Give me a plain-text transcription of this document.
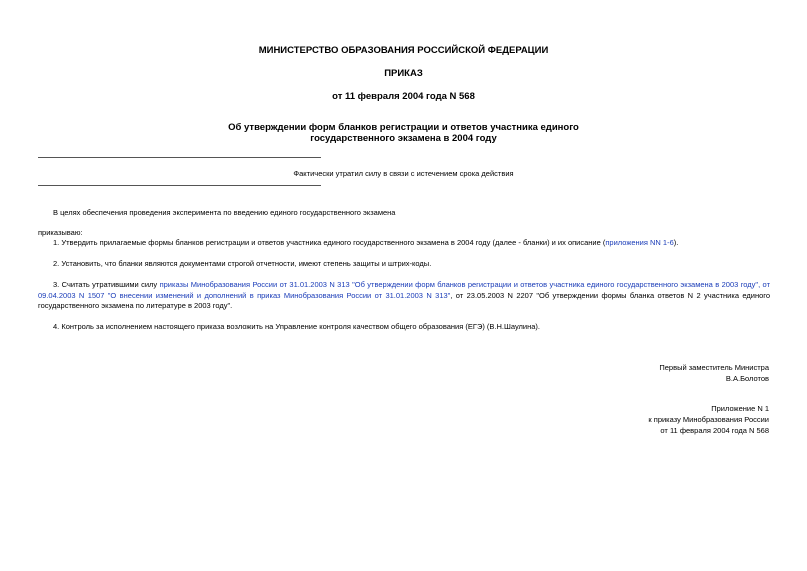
МИНИСТЕРСТВО ОБРАЗОВАНИЯ РОССИЙСКОЙ ФЕДЕРАЦИИ
ПРИКАЗ
от 11 февраля 2004 года N 568
Об утверждении форм бланков регистрации и ответов участника единого
государственного экзамена в 2004 году
Фактически утратил силу в связи с истечением срока действия
В целях обеспечения проведения эксперимента по введению единого государственного экзамена
приказываю:
1. Утвердить прилагаемые формы бланков регистрации и ответов участника единого государственного экзамена в 2004 году (далее - бланки) и их описание (приложения NN 1-6).
2. Установить, что бланки являются документами строгой отчетности, имеют степень защиты и штрих-коды.
3. Считать утратившими силу приказы Минобразования России от 31.01.2003 N 313 "Об утверждении форм бланков регистрации и ответов участника единого государственного экзамена в 2003 году", от 09.04.2003 N 1507 "О внесении изменений и дополнений в приказ Минобразования России от 31.01.2003 N 313", от 23.05.2003 N 2207 "Об утверждении формы бланка ответов N 2 участника единого государственного экзамена по литературе в 2003 году".
4. Контроль за исполнением настоящего приказа возложить на Управление контроля качеством общего образования (ЕГЭ) (В.Н.Шаулина).
Первый заместитель Министра
В.А.Болотов
Приложение N 1
к приказу Минобразования России
от 11 февраля 2004 года N 568
